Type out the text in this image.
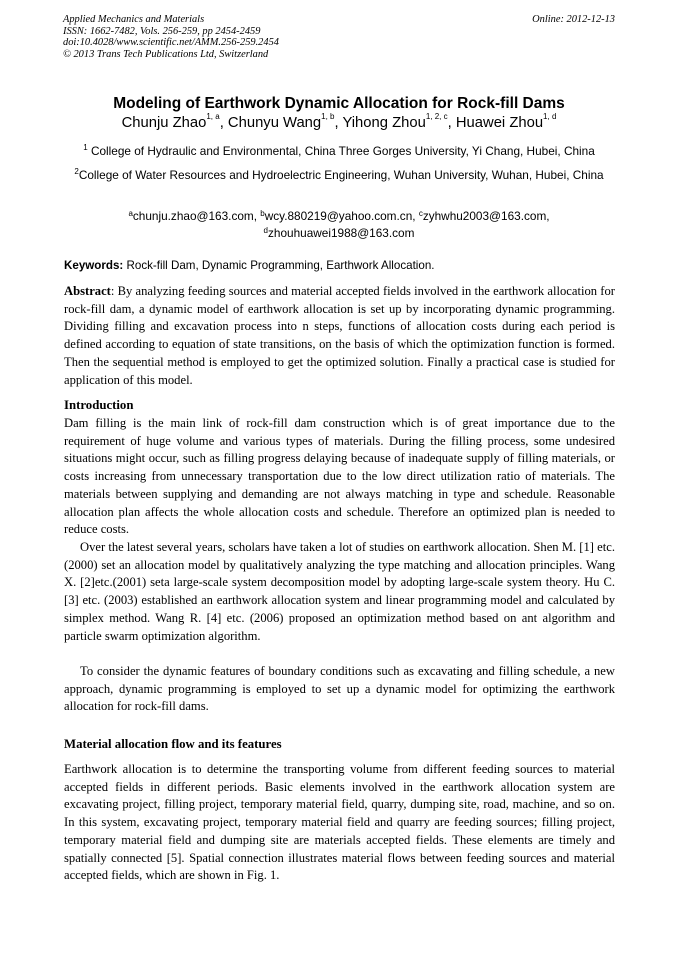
Applied Mechanics and Materials
ISSN: 1662-7482, Vols. 256-259, pp 2454-2459
doi:10.4028/www.scientific.net/AMM.256-259.2454
© 2013 Trans Tech Publications Ltd, Switzerland
Online: 2012-12-13
Modeling of Earthwork Dynamic Allocation for Rock-fill Dams
Chunju Zhao$^{1, a}$, Chunyu Wang$^{1, b}$, Yihong Zhou$^{1, 2, c}$, Huawei Zhou$^{1, d}$
$^1$ College of Hydraulic and Environmental, China Three Gorges University, Yi Chang, Hubei, China
$^2$College of Water Resources and Hydroelectric Engineering, Wuhan University, Wuhan, Hubei, China
$^a$chunju.zhao@163.com, $^b$wcy.880219@yahoo.com.cn, $^c$zyhwhu2003@163.com,
$^d$zhouhuawei1988@163.com
Keywords: Rock-fill Dam, Dynamic Programming, Earthwork Allocation.
Abstract: By analyzing feeding sources and material accepted fields involved in the earthwork allocation for rock-fill dam, a dynamic model of earthwork allocation is set up by incorporating dynamic programming. Dividing filling and excavation process into n steps, functions of allocation costs during each period is defined according to equation of state transitions, on the basis of which the optimization function is formed. Then the sequential method is employed to get the optimized solution. Finally a practical case is studied for application of this model.
Introduction
Dam filling is the main link of rock-fill dam construction which is of great importance due to the requirement of huge volume and various types of materials. During the filling process, some undesired situations might occur, such as filling progress delaying because of inadequate supply of filling materials, or costs increasing from unnecessary transportation due to the low direct utilization ratio of materials. The materials between supplying and demanding are not always matching in type and schedule. Reasonable allocation plan affects the whole allocation costs and schedule. Therefore an optimized plan is needed to reduce costs.
Over the latest several years, scholars have taken a lot of studies on earthwork allocation. Shen M. [1] etc. (2000) set an allocation model by qualitatively analyzing the type matching and allocation principles. Wang X. [2]etc.(2001) seta large-scale system decomposition model by adopting large-scale system theory. Hu C.[3] etc. (2003) established an earthwork allocation system and linear programming model and calculated by simplex method. Wang R. [4] etc. (2006) proposed an optimization method based on ant algorithm and particle swarm optimization algorithm.
To consider the dynamic features of boundary conditions such as excavating and filling schedule, a new approach, dynamic programming is employed to set up a dynamic model for optimizing the earthwork allocation for rock-fill dams.
Material allocation flow and its features
Earthwork allocation is to determine the transporting volume from different feeding sources to material accepted fields in different periods. Basic elements involved in the earthwork allocation system are excavating project, filling project, temporary material field, quarry, dumping site, road, machine, and so on. In this system, excavating project, temporary material field and quarry are feeding sources; filling project, temporary material field and dumping site are materials accepted fields. These elements are timely and spatially connected [5]. Spatial connection illustrates material flows between feeding sources and material accepted fields, which are shown in Fig. 1.
